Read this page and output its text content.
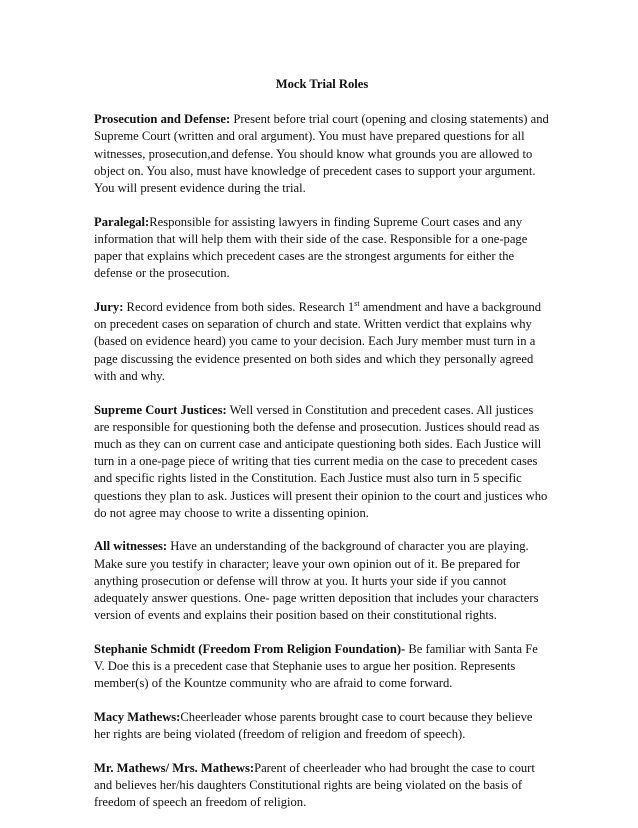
Mock Trial Roles

Prosecution and Defense: Present before trial court (opening and closing statements) and Supreme Court (written and oral argument). You must have prepared questions for all witnesses, prosecution,and defense. You should know what grounds you are allowed to object on. You also, must have knowledge of precedent cases to support your argument. You will present evidence during the trial.

Paralegal:Responsible for assisting lawyers in finding Supreme Court cases and any information that will help them with their side of the case. Responsible for a one-page paper that explains which precedent cases are the strongest arguments for either the defense or the prosecution.

Jury: Record evidence from both sides. Research 1st amendment and have a background on precedent cases on separation of church and state. Written verdict that explains why (based on evidence heard) you came to your decision. Each Jury member must turn in a page discussing the evidence presented on both sides and which they personally agreed with and why.

Supreme Court Justices: Well versed in Constitution and precedent cases. All justices are responsible for questioning both the defense and prosecution. Justices should read as much as they can on current case and anticipate questioning both sides. Each Justice will turn in a one-page piece of writing that ties current media on the case to precedent cases and specific rights listed in the Constitution. Each Justice must also turn in 5 specific questions they plan to ask. Justices will present their opinion to the court and justices who do not agree may choose to write a dissenting opinion.

All witnesses: Have an understanding of the background of character you are playing. Make sure you testify in character; leave your own opinion out of it. Be prepared for anything prosecution or defense will throw at you. It hurts your side if you cannot adequately answer questions. One- page written deposition that includes your characters version of events and explains their position based on their constitutional rights.

Stephanie Schmidt (Freedom From Religion Foundation)- Be familiar with Santa Fe V. Doe this is a precedent case that Stephanie uses to argue her position. Represents member(s) of the Kountze community who are afraid to come forward.

Macy Mathews:Cheerleader whose parents brought case to court because they believe her rights are being violated (freedom of religion and freedom of speech).

Mr. Mathews/ Mrs. Mathews:Parent of cheerleader who had brought the case to court and believes her/his daughters Constitutional rights are being violated on the basis of freedom of speech an freedom of religion.
